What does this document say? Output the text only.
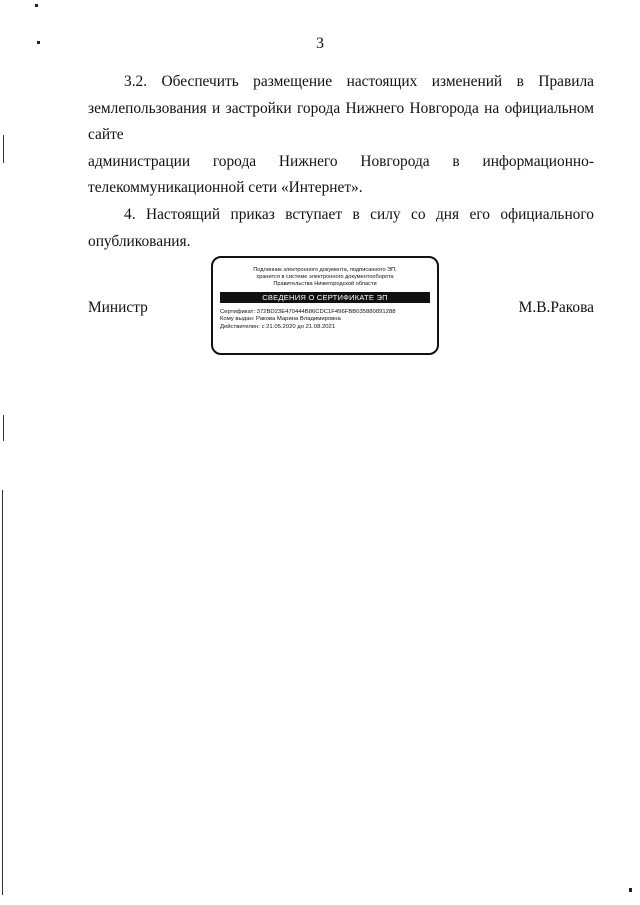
3
3.2. Обеспечить размещение настоящих изменений в Правила
землепользования и застройки города Нижнего Новгорода на официальном сайте
администрации города Нижнего Новгорода в информационно-
телекоммуникационной сети «Интернет».
4. Настоящий приказ вступает в силу со дня его официального
опубликования.
Министр	М.В.Ракова
Подлинник электронного документа, подписанного ЭП,
хранится в системе электронного документооборота
Правительства Нижегородской области
СВЕДЕНИЯ О СЕРТИФИКАТЕ ЭП
Сертификат: 372BD23E470444B86CDC1F496FBB035880891288
Кому выдан: Ракова Марина Владимировна
Действителен: с 21.05.2020 до 21.08.2021
